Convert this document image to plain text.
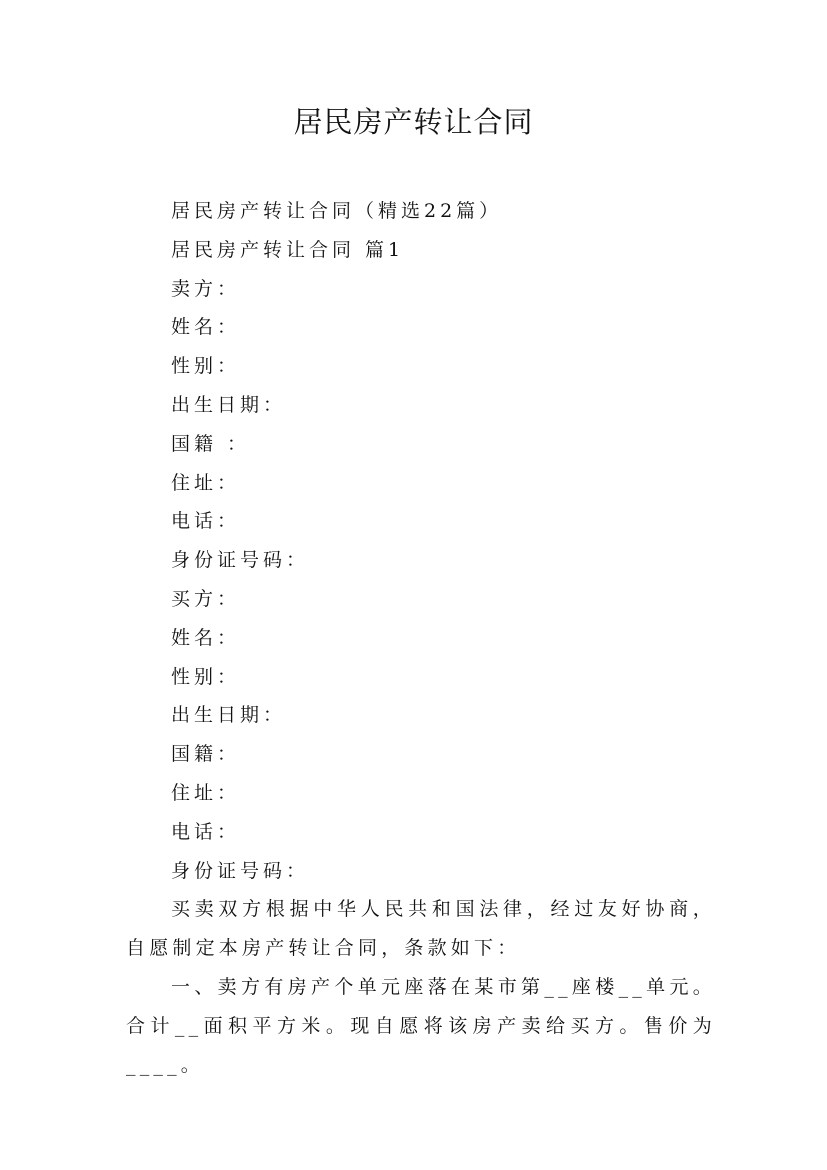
居民房产转让合同

居民房产转让合同（精选22篇）

居民房产转让合同 篇1

卖方：

姓名：

性别：

出生日期：

国籍 ：

住址：

电话：

身份证号码：

买方：

姓名：

性别：

出生日期：

国籍：

住址：

电话：

身份证号码：

买卖双方根据中华人民共和国法律，经过友好协商，自愿制定本房产转让合同，条款如下：

一、卖方有房产个单元座落在某市第__座楼__单元。合计__面积平方米。现自愿将该房产卖给买方。售价为____。
